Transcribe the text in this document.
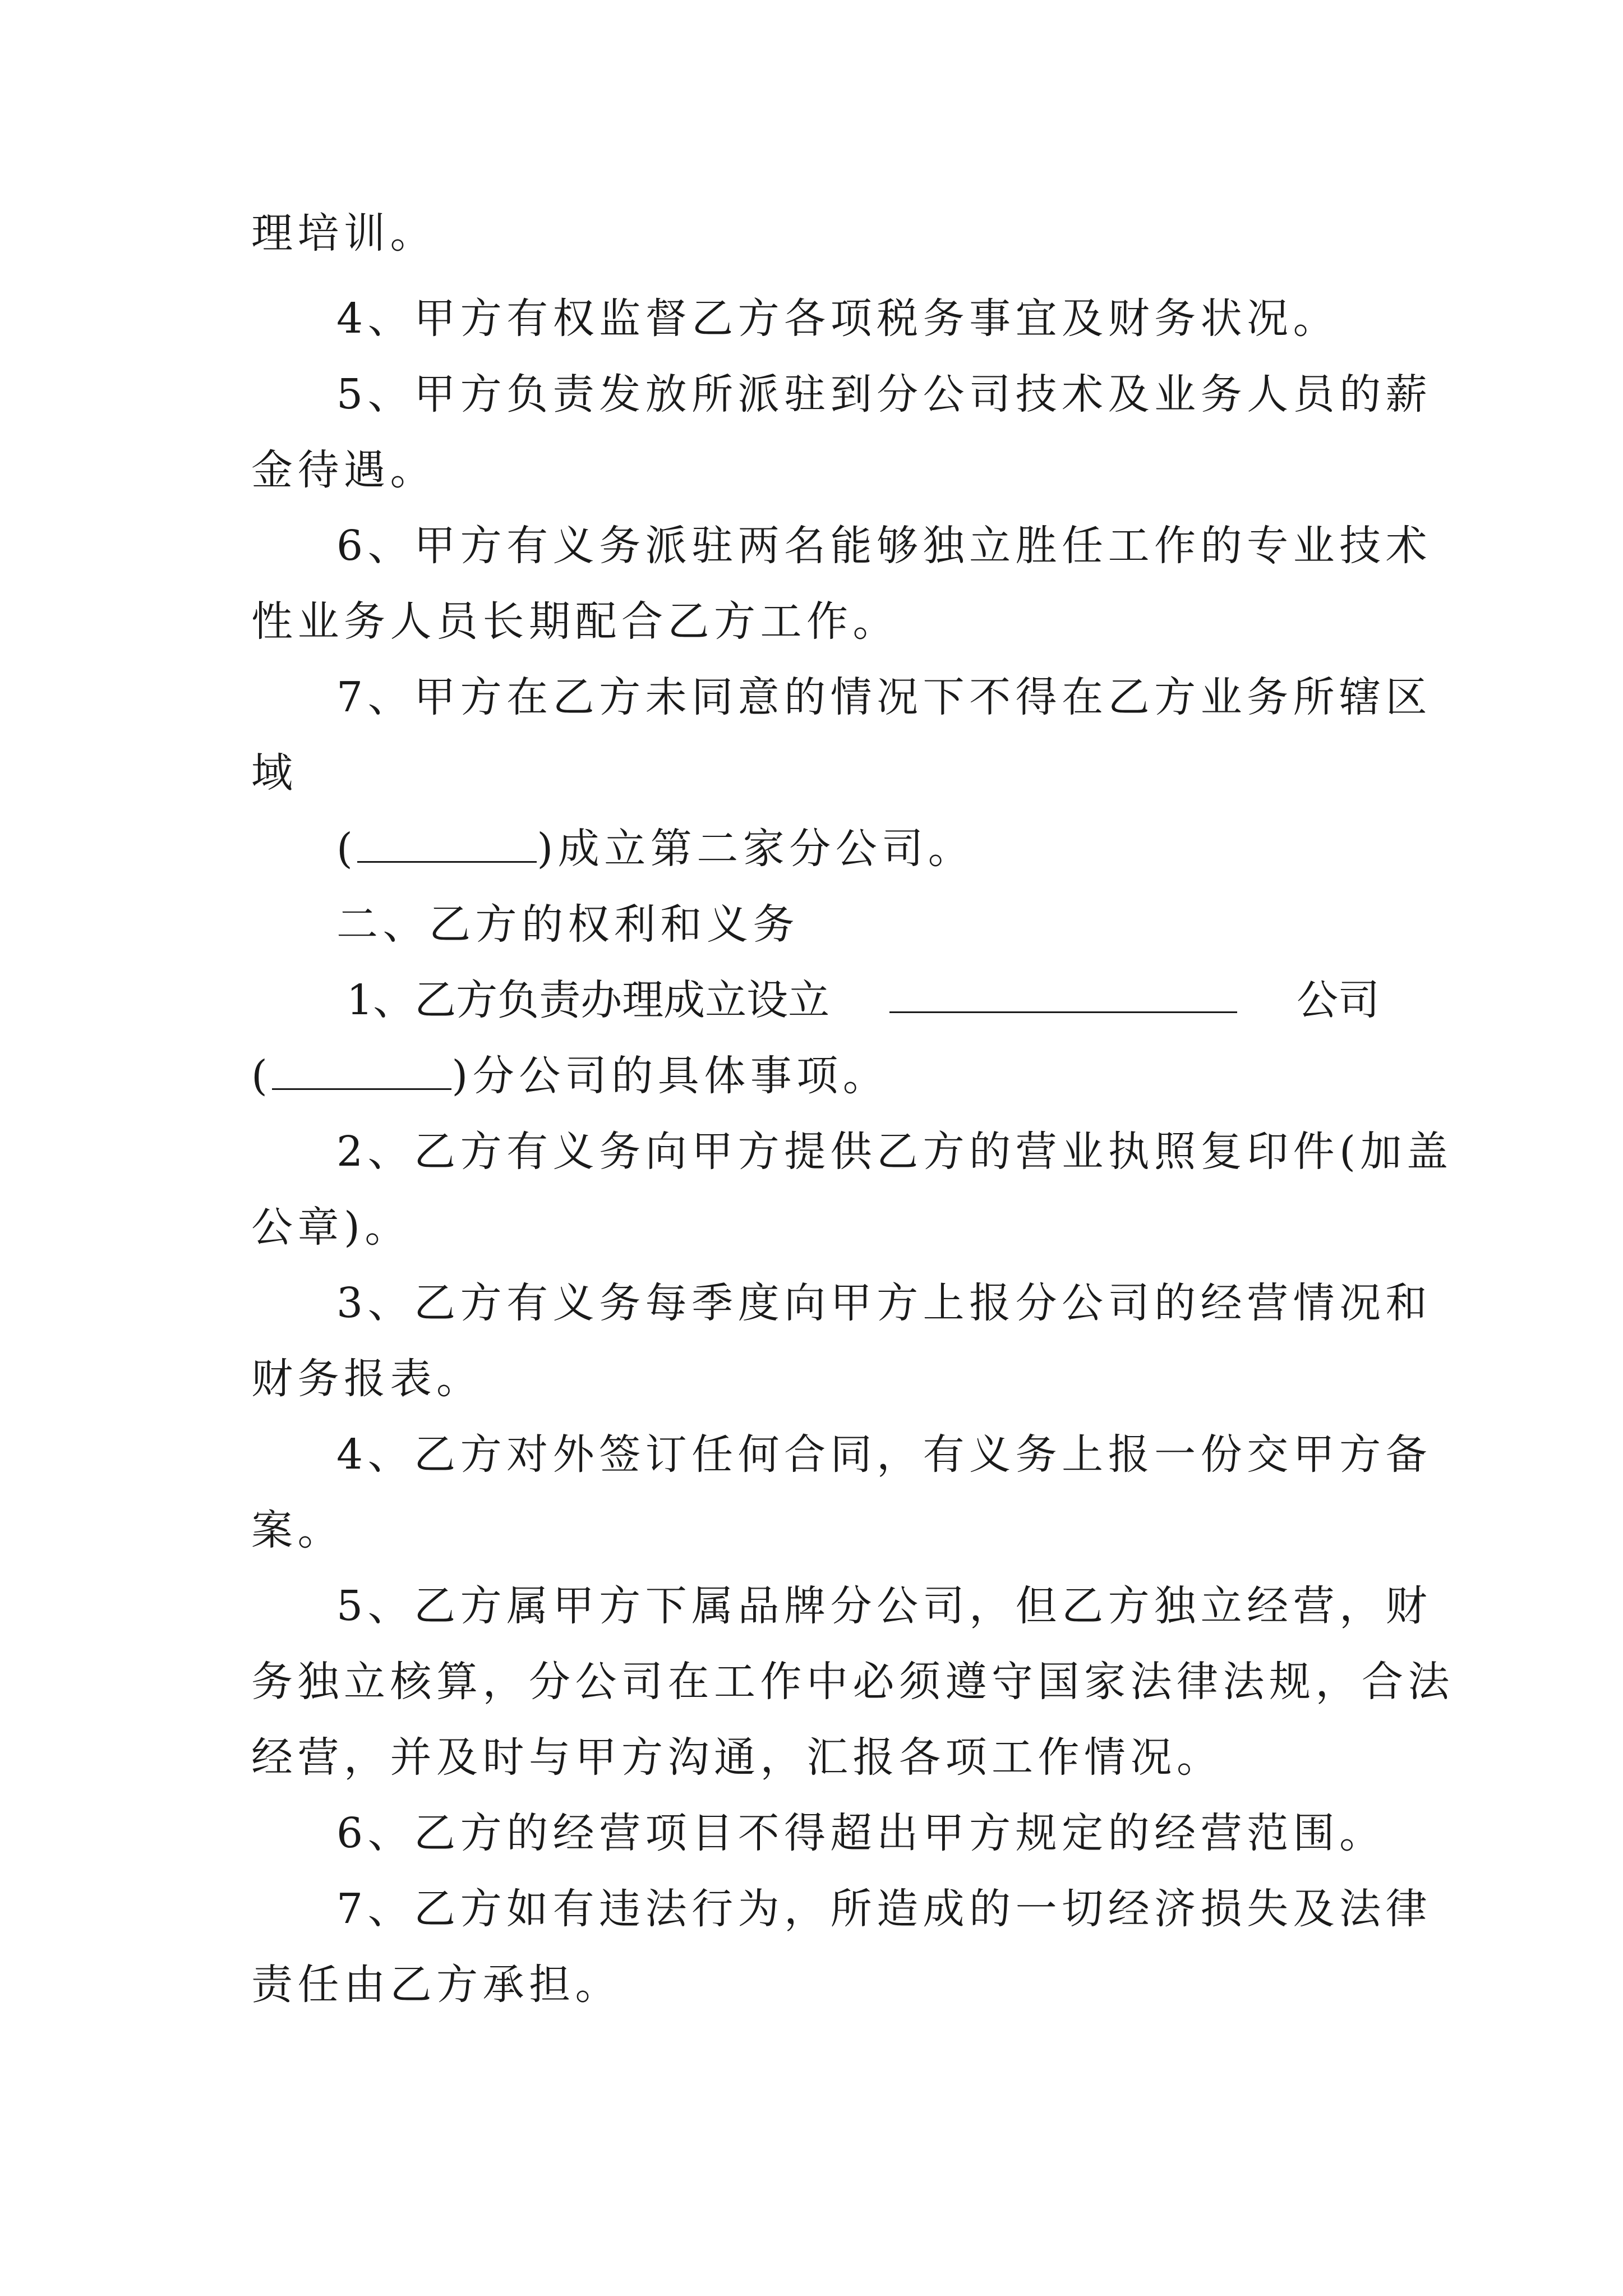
理培训。
4、甲方有权监督乙方各项税务事宜及财务状况。
5、甲方负责发放所派驻到分公司技术及业务人员的薪
金待遇。
6、甲方有义务派驻两名能够独立胜任工作的专业技术
性业务人员长期配合乙方工作。
7、甲方在乙方未同意的情况下不得在乙方业务所辖区
域
(	)成立第二家分公司。
二、乙方的权利和义务
1、乙方负责办理成立设立	公司
(	)分公司的具体事项。
2、乙方有义务向甲方提供乙方的营业执照复印件(加盖
公章)。
3、乙方有义务每季度向甲方上报分公司的经营情况和
财务报表。
4、乙方对外签订任何合同，有义务上报一份交甲方备
案。
5、乙方属甲方下属品牌分公司，但乙方独立经营，财
务独立核算，分公司在工作中必须遵守国家法律法规，合法
经营，并及时与甲方沟通，汇报各项工作情况。
6、乙方的经营项目不得超出甲方规定的经营范围。
7、乙方如有违法行为，所造成的一切经济损失及法律
责任由乙方承担。
